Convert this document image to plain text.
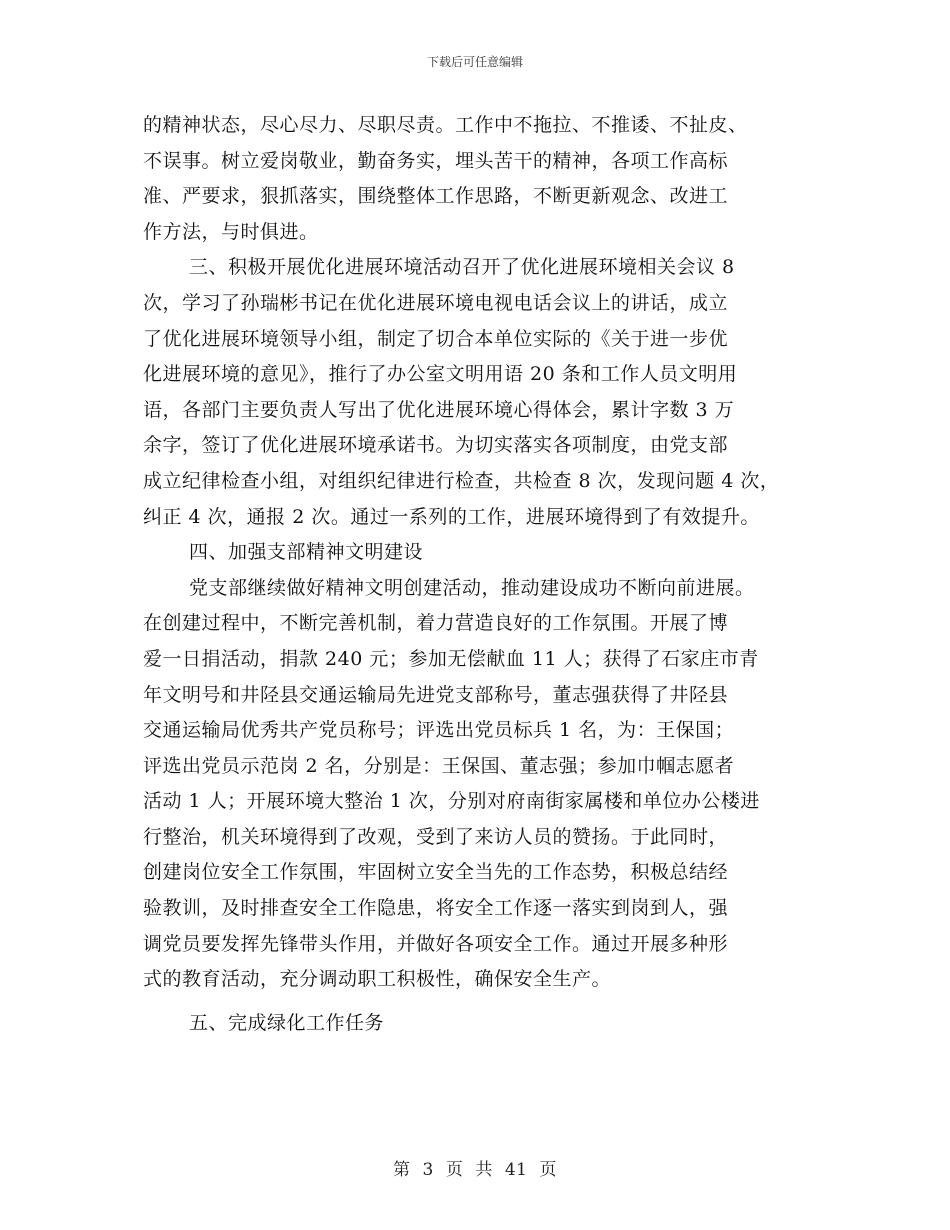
下载后可任意编辑
的精神状态，尽心尽力、尽职尽责。工作中不拖拉、不推诿、不扯皮、
不误事。树立爱岗敬业，勤奋务实，埋头苦干的精神，各项工作高标
准、严要求，狠抓落实，围绕整体工作思路，不断更新观念、改进工
作方法，与时俱进。
三、积极开展优化进展环境活动召开了优化进展环境相关会议 8
次，学习了孙瑞彬书记在优化进展环境电视电话会议上的讲话，成立
了优化进展环境领导小组，制定了切合本单位实际的《关于进一步优
化进展环境的意见》，推行了办公室文明用语 20 条和工作人员文明用
语，各部门主要负责人写出了优化进展环境心得体会，累计字数 3 万
余字，签订了优化进展环境承诺书。为切实落实各项制度，由党支部
成立纪律检查小组，对组织纪律进行检查，共检查 8 次，发现问题 4 次，
纠正 4 次，通报 2 次。通过一系列的工作，进展环境得到了有效提升。
四、加强支部精神文明建设
党支部继续做好精神文明创建活动，推动建设成功不断向前进展。
在创建过程中，不断完善机制，着力营造良好的工作氛围。开展了博
爱一日捐活动，捐款 240 元；参加无偿献血 11 人；获得了石家庄市青
年文明号和井陉县交通运输局先进党支部称号，董志强获得了井陉县
交通运输局优秀共产党员称号；评选出党员标兵 1 名，为：王保国；
评选出党员示范岗 2 名，分别是：王保国、董志强；参加巾帼志愿者
活动 1 人；开展环境大整治 1 次，分别对府南街家属楼和单位办公楼进
行整治，机关环境得到了改观，受到了来访人员的赞扬。于此同时，
创建岗位安全工作氛围，牢固树立安全当先的工作态势，积极总结经
验教训，及时排查安全工作隐患，将安全工作逐一落实到岗到人，强
调党员要发挥先锋带头作用，并做好各项安全工作。通过开展多种形
式的教育活动，充分调动职工积极性，确保安全生产。
五、完成绿化工作任务
第 3 页 共 41 页
